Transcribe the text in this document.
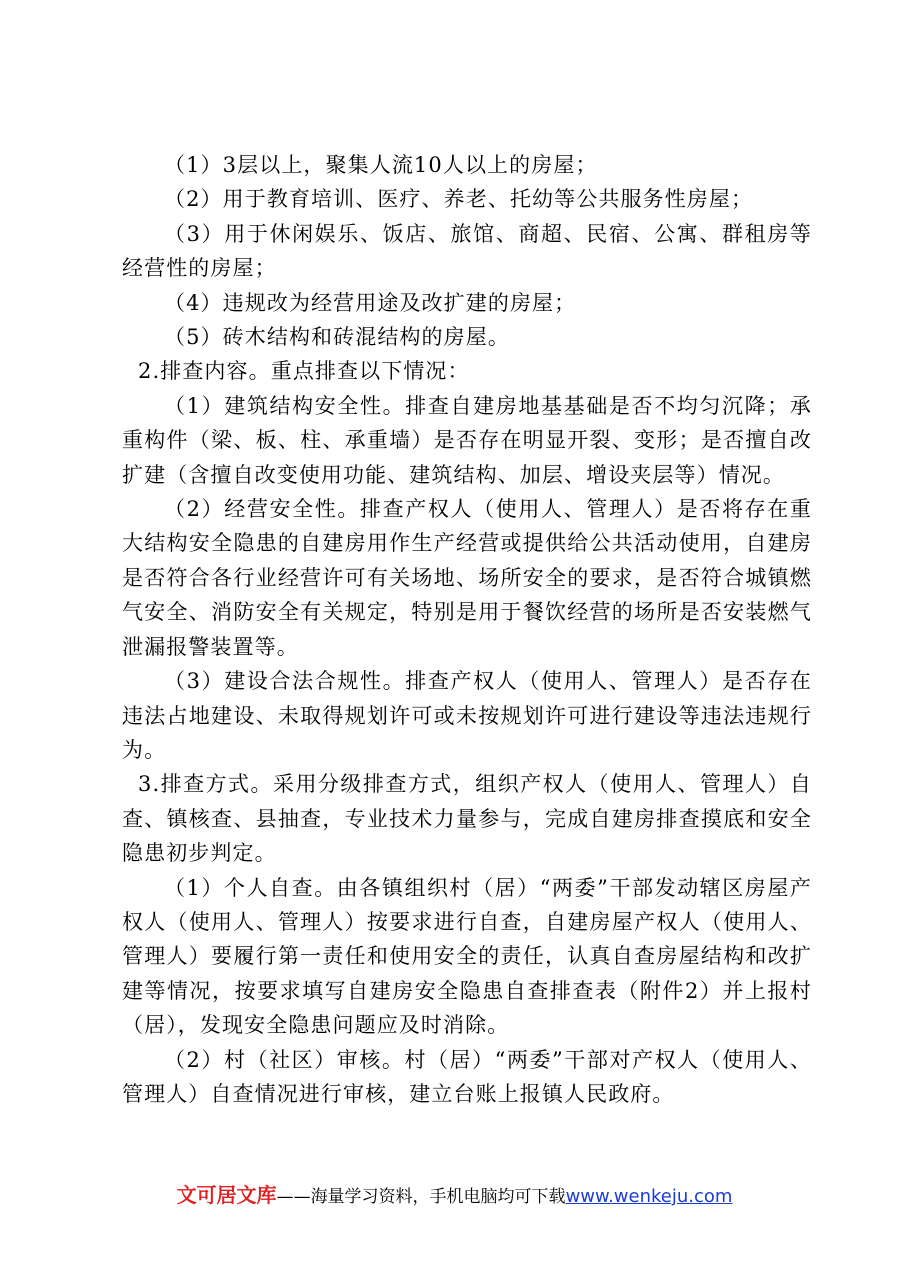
（1）3层以上，聚集人流10人以上的房屋；

（2）用于教育培训、医疗、养老、托幼等公共服务性房屋；

（3）用于休闲娱乐、饭店、旅馆、商超、民宿、公寓、群租房等经营性的房屋；

（4）违规改为经营用途及改扩建的房屋；

（5）砖木结构和砖混结构的房屋。

2.排查内容。重点排查以下情况：

（1）建筑结构安全性。排查自建房地基基础是否不均匀沉降；承重构件（梁、板、柱、承重墙）是否存在明显开裂、变形；是否擅自改扩建（含擅自改变使用功能、建筑结构、加层、增设夹层等）情况。

（2）经营安全性。排查产权人（使用人、管理人）是否将存在重大结构安全隐患的自建房用作生产经营或提供给公共活动使用，自建房是否符合各行业经营许可有关场地、场所安全的要求，是否符合城镇燃气安全、消防安全有关规定，特别是用于餐饮经营的场所是否安装燃气泄漏报警装置等。

（3）建设合法合规性。排查产权人（使用人、管理人）是否存在违法占地建设、未取得规划许可或未按规划许可进行建设等违法违规行为。

3.排查方式。采用分级排查方式，组织产权人（使用人、管理人）自查、镇核查、县抽查，专业技术力量参与，完成自建房排查摸底和安全隐患初步判定。

（1）个人自查。由各镇组织村（居）“两委”干部发动辖区房屋产权人（使用人、管理人）按要求进行自查，自建房屋产权人（使用人、管理人）要履行第一责任和使用安全的责任，认真自查房屋结构和改扩建等情况，按要求填写自建房安全隐患自查排查表（附件2）并上报村（居），发现安全隐患问题应及时消除。

（2）村（社区）审核。村（居）“两委”干部对产权人（使用人、管理人）自查情况进行审核，建立台账上报镇人民政府。

文可居文库——海量学习资料，手机电脑均可下载www.wenkeju.com
